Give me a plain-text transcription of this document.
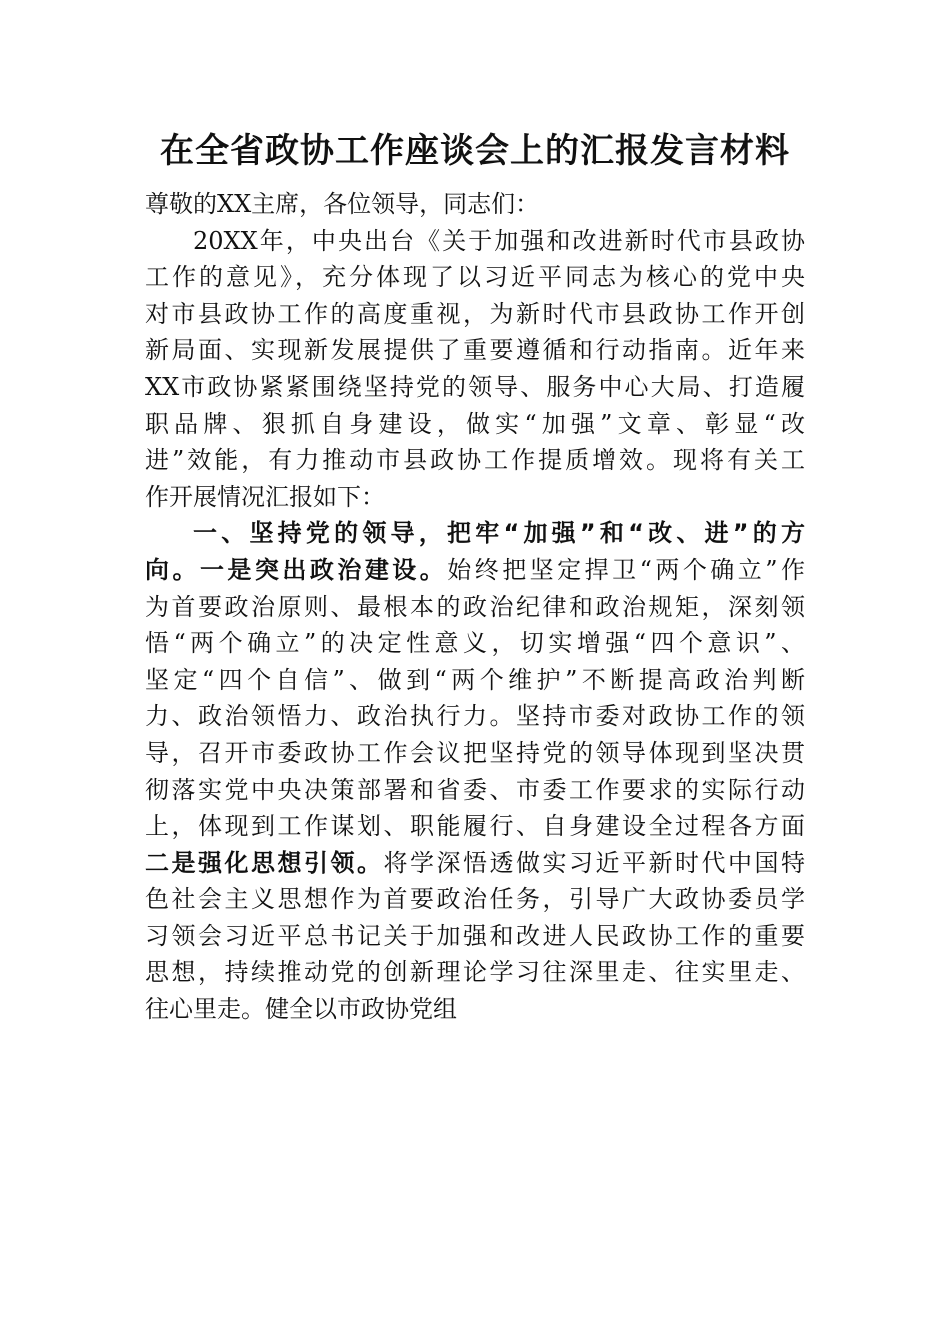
在全省政协工作座谈会上的汇报发言材料
尊敬的XX主席，各位领导，同志们：
20XX年，中央出台《关于加强和改进新时代市县政协
工作的意见》，充分体现了以习近平同志为核心的党中央
对市县政协工作的高度重视，为新时代市县政协工作开创
新局面、实现新发展提供了重要遵循和行动指南。近年来
XX市政协紧紧围绕坚持党的领导、服务中心大局、打造履
职品牌、狠抓自身建设，做实“加强”文章、彰显“改
进”效能，有力推动市县政协工作提质增效。现将有关工
作开展情况汇报如下：
一、坚持党的领导，把牢“加强”和“改、进”的方
向。一是突出政治建设。始终把坚定捍卫“两个确立”作
为首要政治原则、最根本的政治纪律和政治规矩，深刻领
悟“两个确立”的决定性意义，切实增强“四个意识”、
坚定“四个自信”、做到“两个维护”不断提高政治判断
力、政治领悟力、政治执行力。坚持市委对政协工作的领
导，召开市委政协工作会议把坚持党的领导体现到坚决贯
彻落实党中央决策部署和省委、市委工作要求的实际行动
上，体现到工作谋划、职能履行、自身建设全过程各方面
二是强化思想引领。将学深悟透做实习近平新时代中国特
色社会主义思想作为首要政治任务，引导广大政协委员学
习领会习近平总书记关于加强和改进人民政协工作的重要
思想，持续推动党的创新理论学习往深里走、往实里走、
往心里走。健全以市政协党组
